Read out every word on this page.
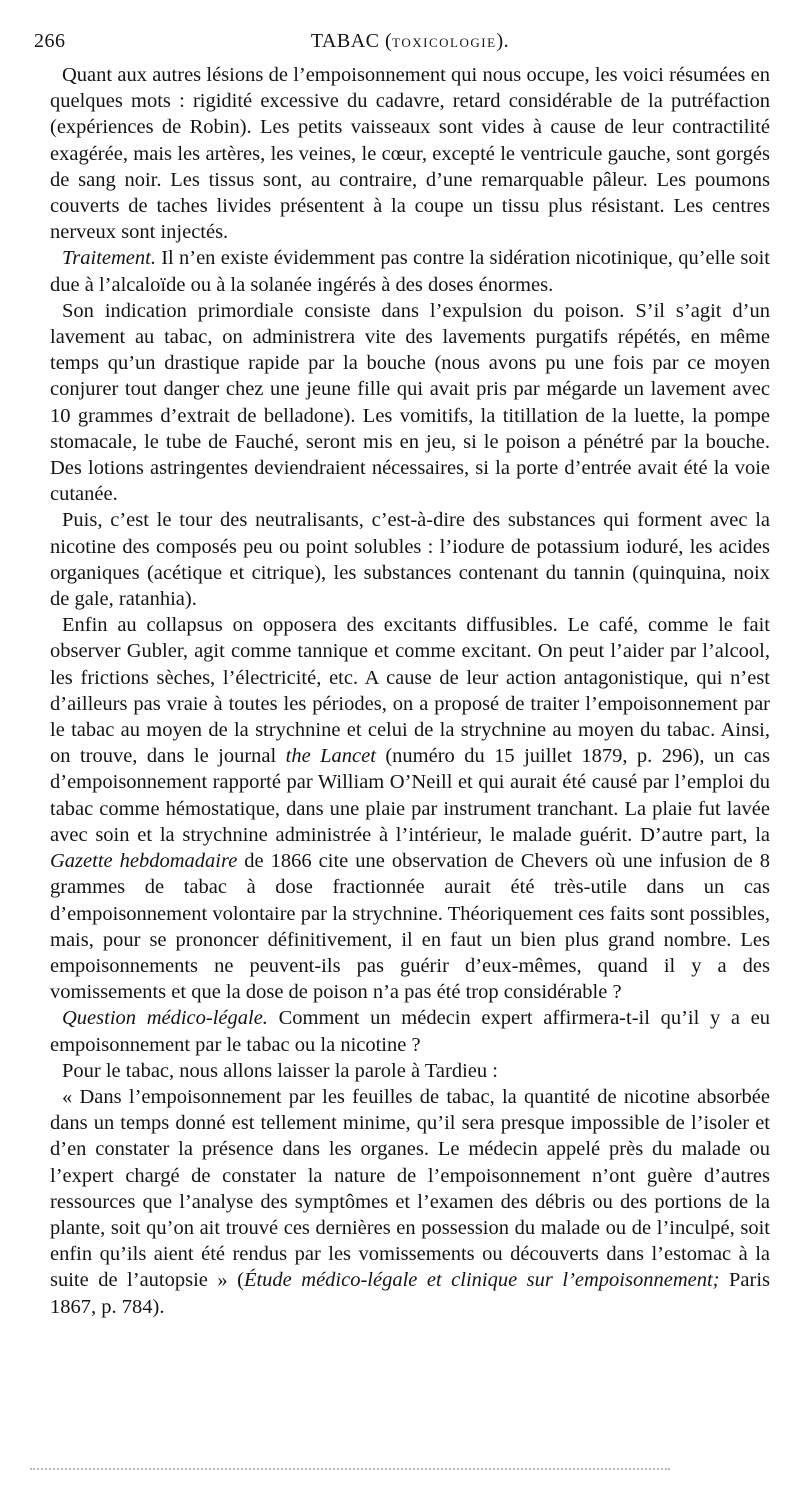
266	TABAC (TOXICOLOGIE).

Quant aux autres lésions de l’empoisonnement qui nous occupe, les voici résumées en quelques mots : rigidité excessive du cadavre, retard considérable de la putréfaction (expériences de Robin). Les petits vaisseaux sont vides à cause de leur contractilité exagérée, mais les artères, les veines, le cœur, excepté le ventricule gauche, sont gorgés de sang noir. Les tissus sont, au contraire, d’une remarquable pâleur. Les poumons couverts de taches livides présentent à la coupe un tissu plus résistant. Les centres nerveux sont injectés.

Traitement. Il n’en existe évidemment pas contre la sidération nicotinique, qu’elle soit due à l’alcaloïde ou à la solanée ingérés à des doses énormes.

Son indication primordiale consiste dans l’expulsion du poison. S’il s’agit d’un lavement au tabac, on administrera vite des lavements purgatifs répétés, en même temps qu’un drastique rapide par la bouche (nous avons pu une fois par ce moyen conjurer tout danger chez une jeune fille qui avait pris par mégarde un lavement avec 10 grammes d’extrait de belladone). Les vomitifs, la titillation de la luette, la pompe stomacale, le tube de Fauché, seront mis en jeu, si le poison a pénétré par la bouche. Des lotions astringentes deviendraient nécessaires, si la porte d’entrée avait été la voie cutanée.

Puis, c’est le tour des neutralisants, c’est-à-dire des substances qui forment avec la nicotine des composés peu ou point solubles : l’iodure de potassium ioduré, les acides organiques (acétique et citrique), les substances contenant du tannin (quinquina, noix de gale, ratanhia).

Enfin au collapsus on opposera des excitants diffusibles. Le café, comme le fait observer Gubler, agit comme tannique et comme excitant. On peut l’aider par l’alcool, les frictions sèches, l’électricité, etc. A cause de leur action antagonistique, qui n’est d’ailleurs pas vraie à toutes les périodes, on a proposé de traiter l’empoisonnement par le tabac au moyen de la strychnine et celui de la strychnine au moyen du tabac. Ainsi, on trouve, dans le journal the Lancet (numéro du 15 juillet 1879, p. 296), un cas d’empoisonnement rapporté par William O’Neill et qui aurait été causé par l’emploi du tabac comme hémostatique, dans une plaie par instrument tranchant. La plaie fut lavée avec soin et la strychnine administrée à l’intérieur, le malade guérit. D’autre part, la Gazette hebdomadaire de 1866 cite une observation de Chevers où une infusion de 8 grammes de tabac à dose fractionnée aurait été très-utile dans un cas d’empoisonnement volontaire par la strychnine. Théoriquement ces faits sont possibles, mais, pour se prononcer définitivement, il en faut un bien plus grand nombre. Les empoisonnements ne peuvent-ils pas guérir d’eux-mêmes, quand il y a des vomissements et que la dose de poison n’a pas été trop considérable ?

Question médico-légale. Comment un médecin expert affirmera-t-il qu’il y a eu empoisonnement par le tabac ou la nicotine ?

Pour le tabac, nous allons laisser la parole à Tardieu :

« Dans l’empoisonnement par les feuilles de tabac, la quantité de nicotine absorbée dans un temps donné est tellement minime, qu’il sera presque impossible de l’isoler et d’en constater la présence dans les organes. Le médecin appelé près du malade ou l’expert chargé de constater la nature de l’empoisonnement n’ont guère d’autres ressources que l’analyse des symptômes et l’examen des débris ou des portions de la plante, soit qu’on ait trouvé ces dernières en possession du malade ou de l’inculpé, soit enfin qu’ils aient été rendus par les vomissements ou découverts dans l’estomac à la suite de l’autopsie » (Étude médico-légale et clinique sur l’empoisonnement; Paris 1867, p. 784).
